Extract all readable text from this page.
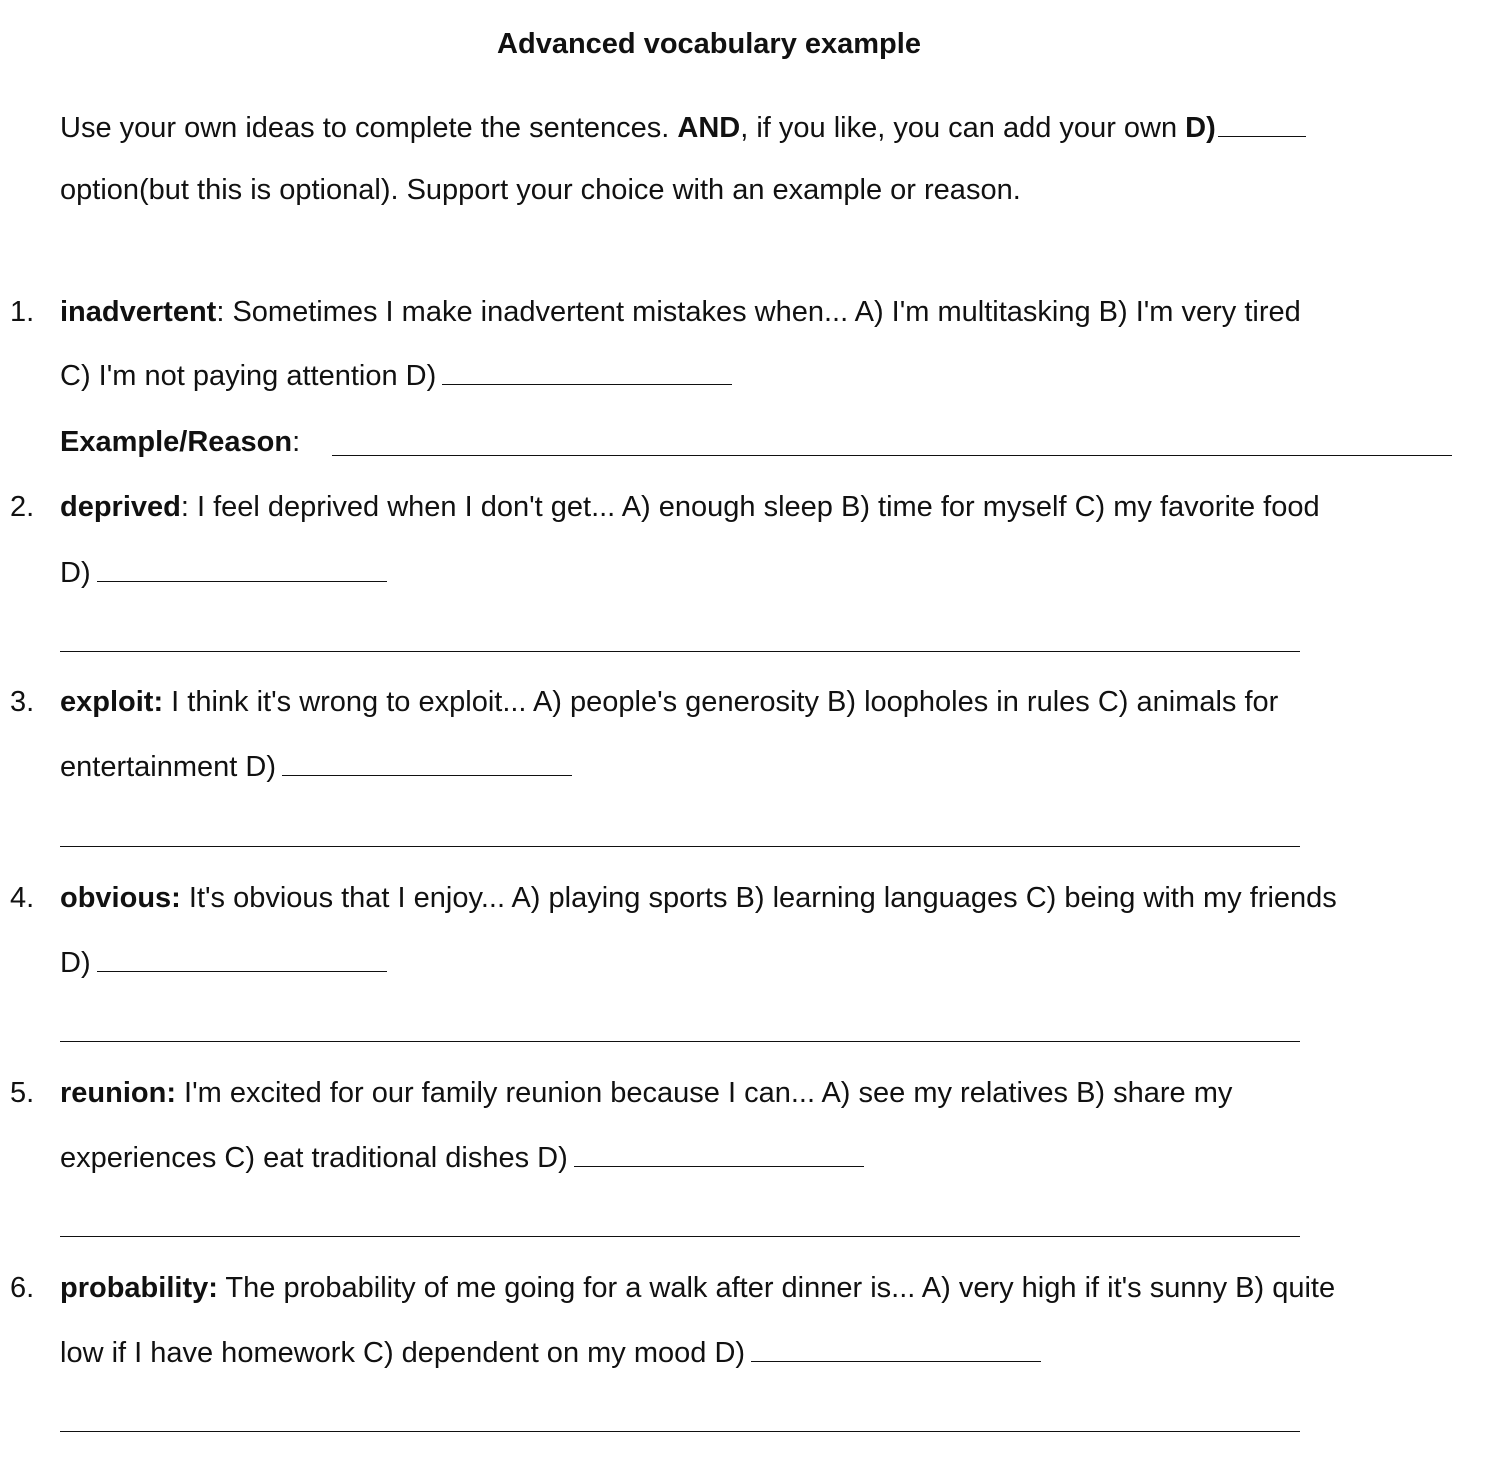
Advanced vocabulary example
Use your own ideas to complete the sentences. AND, if you like, you can add your own D)
option(but this is optional). Support your choice with an example or reason.
1. inadvertent: Sometimes I make inadvertent mistakes when... A) I'm multitasking B) I'm very tired
C) I'm not paying attention D)
Example/Reason:
2. deprived: I feel deprived when I don't get... A) enough sleep B) time for myself C) my favorite food
D)
3. exploit: I think it's wrong to exploit... A) people's generosity B) loopholes in rules C) animals for
entertainment D)
4. obvious: It's obvious that I enjoy... A) playing sports B) learning languages C) being with my friends
D)
5. reunion: I'm excited for our family reunion because I can... A) see my relatives B) share my
experiences C) eat traditional dishes D)
6. probability: The probability of me going for a walk after dinner is... A) very high if it's sunny B) quite
low if I have homework C) dependent on my mood D)
